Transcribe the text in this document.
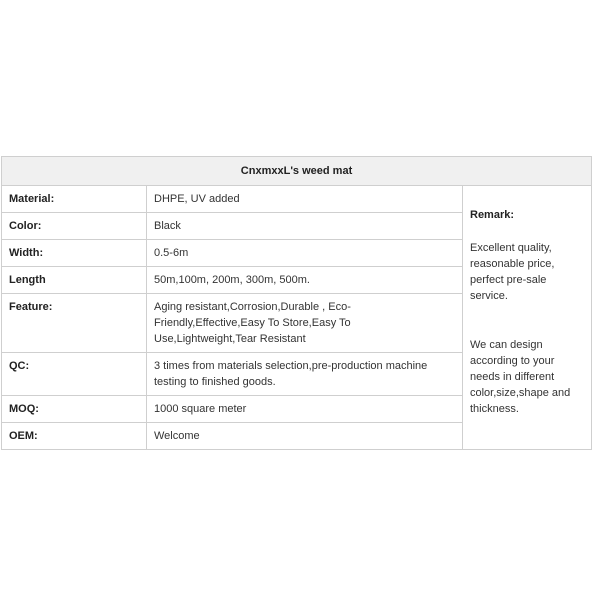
CnxmxxL's weed mat		
Material:	DHPE, UV added	Remark:
Excellent quality, reasonable price, perfect pre-sale service.
We can design according to your needs in different color,size,shape and thickness.

Color:	Black	
Width:	0.5-6m	
Length	50m,100m, 200m, 300m, 500m.	
Feature:	Aging resistant,Corrosion,Durable , Eco-Friendly,Effective,Easy To Store,Easy To Use,Lightweight,Tear Resistant	
QC:	3 times from materials selection,pre-production machine testing to finished goods.	
MOQ:	1000 square meter	
OEM:	Welcome	
